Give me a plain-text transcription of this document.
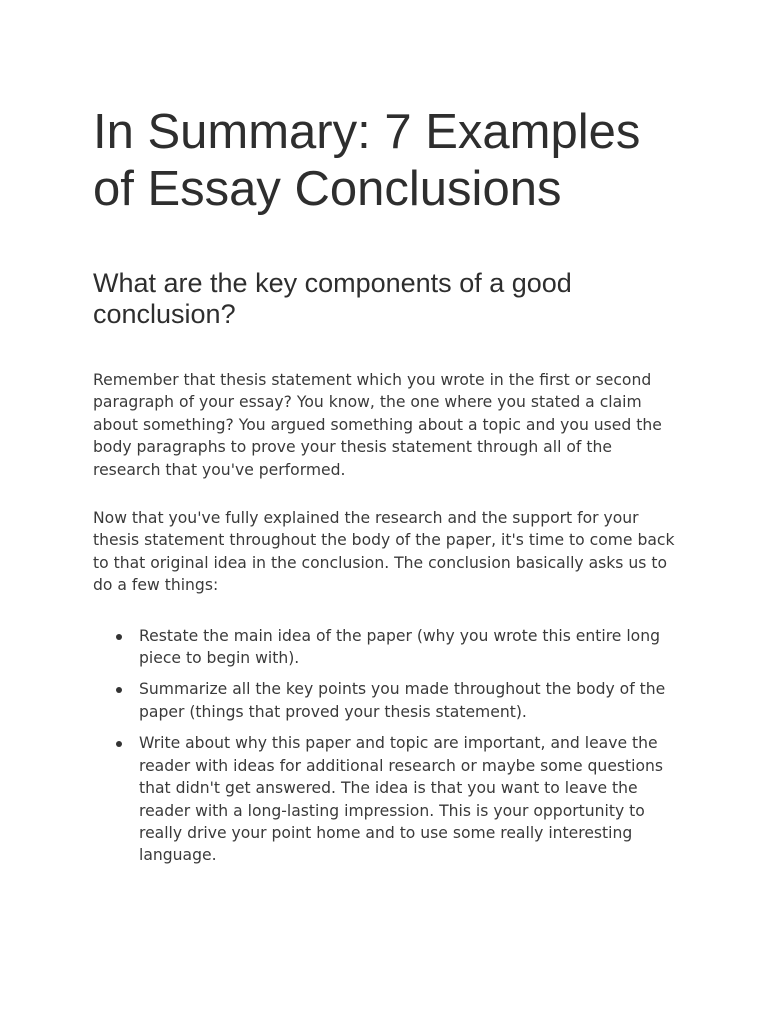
In Summary: 7 Examples of Essay Conclusions
What are the key components of a good conclusion?

Remember that thesis statement which you wrote in the first or second paragraph of your essay? You know, the one where you stated a claim about something? You argued something about a topic and you used the body paragraphs to prove your thesis statement through all of the research that you've performed.

Now that you've fully explained the research and the support for your thesis statement throughout the body of the paper, it's time to come back to that original idea in the conclusion. The conclusion basically asks us to do a few things:

Restate the main idea of the paper (why you wrote this entire long piece to begin with).
Summarize all the key points you made throughout the body of the paper (things that proved your thesis statement).
Write about why this paper and topic are important, and leave the reader with ideas for additional research or maybe some questions that didn't get answered. The idea is that you want to leave the reader with a long-lasting impression. This is your opportunity to really drive your point home and to use some really interesting language.
